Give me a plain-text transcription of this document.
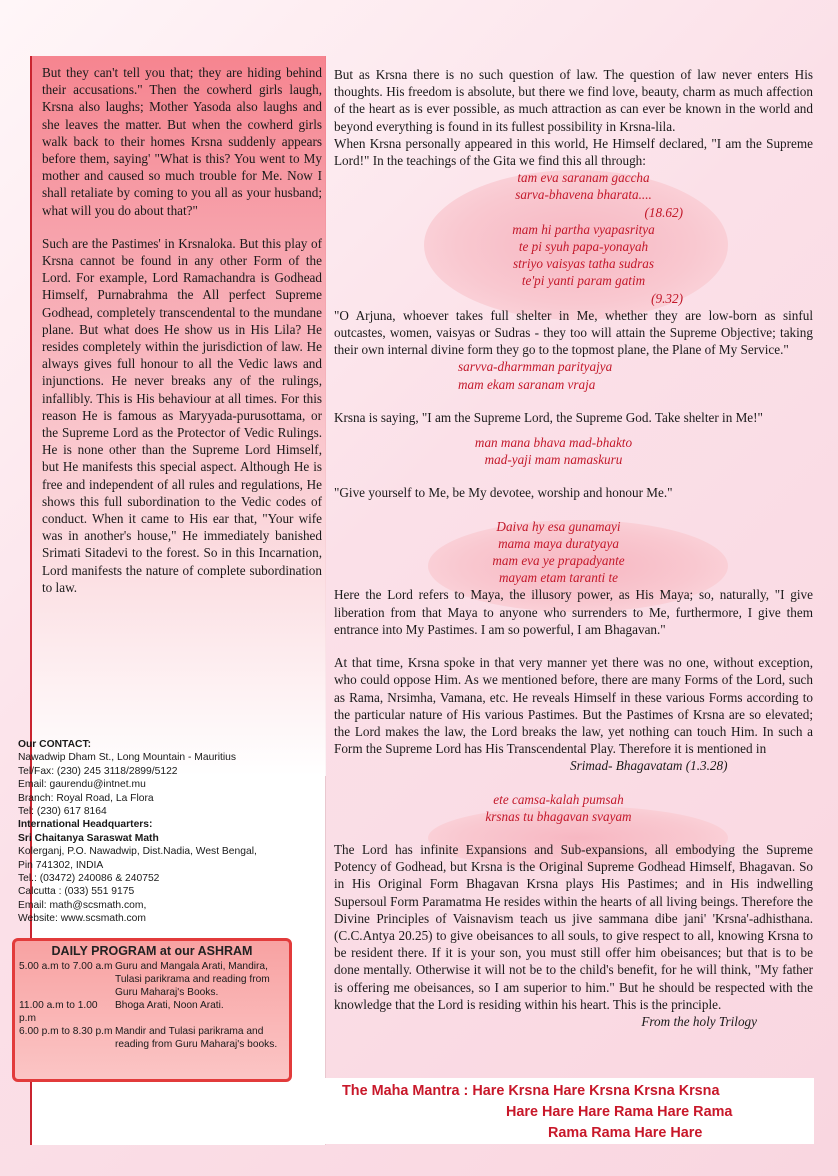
But they can't tell you that; they are hiding behind their accusations." Then the cowherd girls laugh, Krsna also laughs; Mother Yasoda also laughs and she leaves the matter. But when the cowherd girls walk back to their homes Krsna suddenly appears before them, saying' "What is this? You went to My mother and caused so much trouble for Me. Now I shall retaliate by coming to you all as your husband; what will you do about that?"

Such are the Pastimes' in Krsnaloka. But this play of Krsna cannot be found in any other Form of the Lord. For example, Lord Ramachandra is Godhead Himself, Purnabrahma the All perfect Supreme Godhead, completely transcendental to the mundane plane. But what does He show us in His Lila? He resides completely within the jurisdiction of law. He always gives full honour to all the Vedic laws and injunctions. He never breaks any of the rulings, infallibly. This is His behaviour at all times. For this reason He is famous as Maryyada-purusottama, or the Supreme Lord as the Protector of Vedic Rulings. He is none other than the Supreme Lord Himself, but He manifests this special aspect. Although He is free and independent of all rules and regulations, He shows this full subordination to the Vedic codes of conduct. When it came to His ear that, "Your wife was in another's house," He immediately banished Srimati Sitadevi to the forest. So in this Incarnation, Lord manifests the nature of complete subordination to law.

Our CONTACT:
Nawadwip Dham St., Long Mountain - Mauritius
Tel/Fax: (230) 245 3118/2899/5122
Email: gaurendu@intnet.mu
Branch: Royal Road, La Flora
Tel: (230) 617 8164
International Headquarters:
Sri Chaitanya Saraswat Math
Kolerganj, P.O. Nawadwip, Dist.Nadia, West Bengal,
Pin 741302, INDIA
Tel.: (03472) 240086 & 240752
Calcutta : (033) 551 9175
Email: math@scsmath.com,
Website: www.scsmath.com
DAILY PROGRAM at our ASHRAM
5.00 a.m to 7.00 a.m Guru and Mangala Arati, Mandira, Tulasi parikrama and reading from Guru Maharaj's Books.
11.00 a.m to 1.00 p.m
Bhoga Arati, Noon Arati.
6.00 p.m to 8.30 p.m Mandir and Tulasi parikrama and reading from Guru Maharaj's books.

But as Krsna there is no such question of law. The question of law never enters His thoughts. His freedom is absolute, but there we find love, beauty, charm as much affection of the heart as is ever possible, as much attraction as can ever be known in the world and beyond everything is found in its fullest possibility in Krsna-lila.

When Krsna personally appeared in this world, He Himself declared, "I am the Supreme Lord!" In the teachings of the Gita we find this all through:

tam eva saranam gaccha
sarva-bhavena bharata....
(18.62)
mam hi partha vyapasritya
te pi syuh papa-yonayah
striyo vaisyas tatha sudras
te'pi yanti param gatim
(9.32)

"O Arjuna, whoever takes full shelter in Me, whether they are low-born as sinful outcastes, women, vaisyas or Sudras - they too will attain the Supreme Objective; taking their own internal divine form they go to the topmost plane, the Plane of My Service."

sarvva-dharmman parityajya
mam ekam saranam vraja

Krsna is saying, "I am the Supreme Lord, the Supreme God. Take shelter in Me!"

man mana bhava mad-bhakto
mad-yaji mam namaskuru

"Give yourself to Me, be My devotee, worship and honour Me."

Daiva hy esa gunamayi
mama maya duratyaya
mam eva ye prapadyante
mayam etam taranti te

Here the Lord refers to Maya, the illusory power, as His Maya; so, naturally, "I give liberation from that Maya to anyone who surrenders to Me, furthermore, I give them entrance into My Pastimes. I am so powerful, I am Bhagavan."

At that time, Krsna spoke in that very manner yet there was no one, without exception, who could oppose Him. As we mentioned before, there are many Forms of the Lord, such as Rama, Nrsimha, Vamana, etc. He reveals Himself in these various Forms according to the particular nature of His various Pastimes. But the Pastimes of Krsna are so elevated; the Lord makes the law, the Lord breaks the law, yet nothing can touch Him. In such a Form the Supreme Lord has His Transcendental Play. Therefore it is mentioned in

Srimad- Bhagavatam (1.3.28)

ete camsa-kalah pumsah
krsnas tu bhagavan svayam

The Lord has infinite Expansions and Sub-expansions, all embodying the Supreme Potency of Godhead, but Krsna is the Original Supreme Godhead Himself, Bhagavan. So in His Original Form Bhagavan Krsna plays His Pastimes; and in His indwelling Supersoul Form Paramatma He resides within the hearts of all living beings. Therefore the Divine Principles of Vaisnavism teach us jive sammana dibe jani' 'Krsna'-adhisthana.(C.C.Antya 20.25) to give obeisances to all souls, to give respect to all, knowing Krsna to be resident there. If it is your son, you must still offer him obeisances; but that is to be done mentally. Otherwise it will not be to the child's benefit, for he will think, "My father is offering me obeisances, so I am superior to him." But he should be respected with the knowledge that the Lord is residing within his heart. This is the principle.

From the holy Trilogy

The Maha Mantra : Hare Krsna Hare Krsna Krsna Krsna
Hare Hare Hare Rama Hare Rama
Rama Rama Hare Hare
